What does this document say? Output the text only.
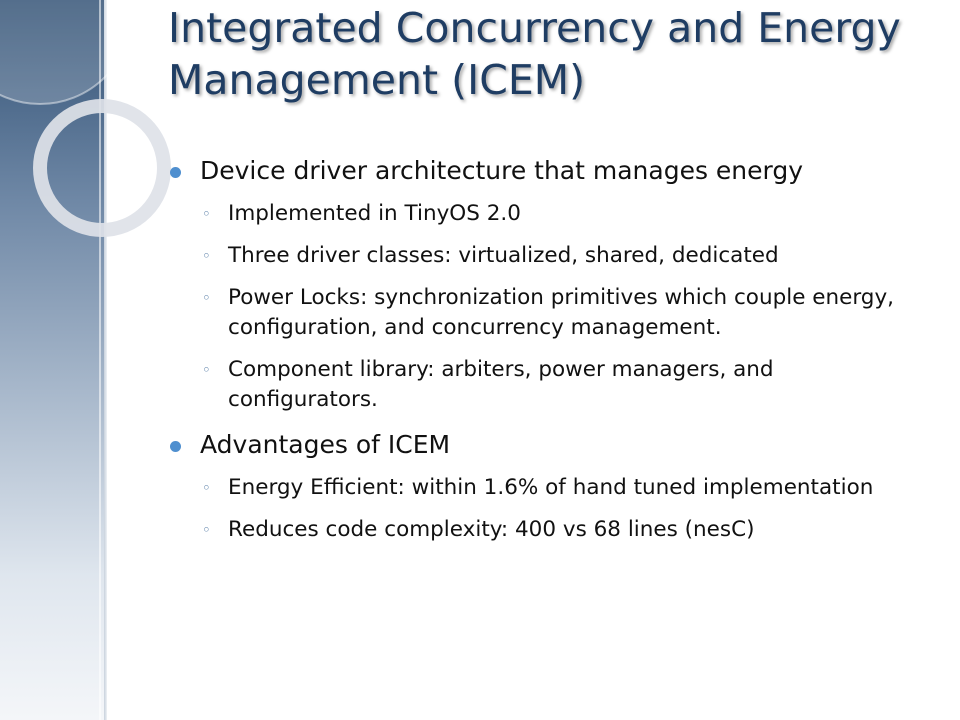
Integrated Concurrency and Energy Management (ICEM)
Device driver architecture that manages energy
◦ Implemented in TinyOS 2.0
◦ Three driver classes: virtualized, shared, dedicated
◦ Power Locks: synchronization primitives which couple energy, configuration, and concurrency management.
◦ Component library: arbiters, power managers, and configurators.
Advantages of ICEM
◦ Energy Efficient: within 1.6% of hand tuned implementation
◦ Reduces code complexity: 400 vs 68 lines (nesC)
